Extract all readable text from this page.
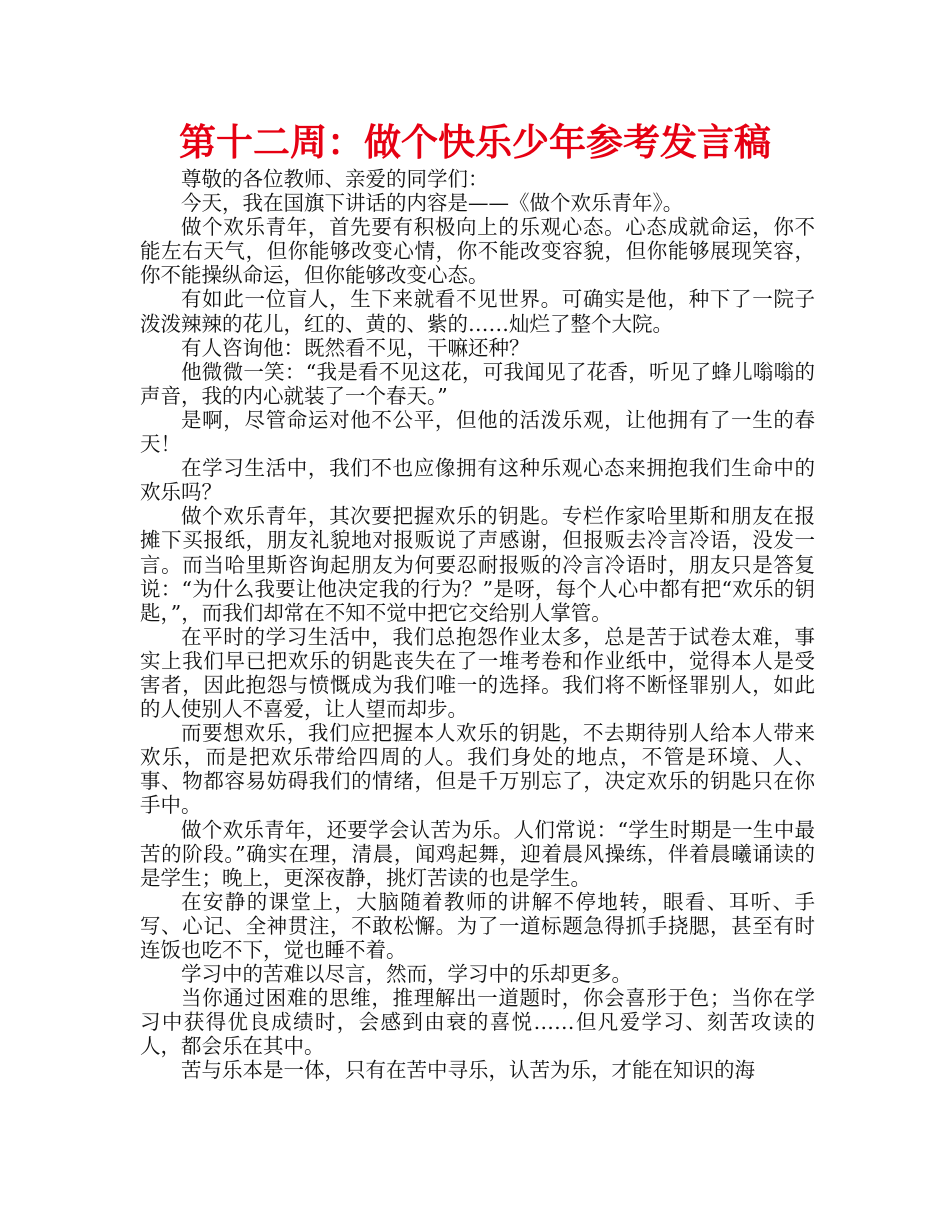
第十二周：做个快乐少年参考发言稿

尊敬的各位教师、亲爱的同学们：

今天，我在国旗下讲话的内容是——《做个欢乐青年》。

做个欢乐青年，首先要有积极向上的乐观心态。心态成就命运，你不能左右天气，但你能够改变心情，你不能改变容貌，但你能够展现笑容，你不能操纵命运，但你能够改变心态。

有如此一位盲人，生下来就看不见世界。可确实是他，种下了一院子泼泼辣辣的花儿，红的、黄的、紫的……灿烂了整个大院。

有人咨询他：既然看不见，干嘛还种？

他微微一笑：“我是看不见这花，可我闻见了花香，听见了蜂儿嗡嗡的声音，我的内心就装了一个春天。”

是啊，尽管命运对他不公平，但他的活泼乐观，让他拥有了一生的春天！

在学习生活中，我们不也应像拥有这种乐观心态来拥抱我们生命中的欢乐吗？

做个欢乐青年，其次要把握欢乐的钥匙。专栏作家哈里斯和朋友在报摊下买报纸，朋友礼貌地对报贩说了声感谢，但报贩去冷言冷语，没发一言。而当哈里斯咨询起朋友为何要忍耐报贩的冷言冷语时，朋友只是答复说：“为什么我要让他决定我的行为？”是呀，每个人心中都有把“欢乐的钥匙，”，而我们却常在不知不觉中把它交给别人掌管。

在平时的学习生活中，我们总抱怨作业太多，总是苦于试卷太难，事实上我们早已把欢乐的钥匙丧失在了一堆考卷和作业纸中，觉得本人是受害者，因此抱怨与愤慨成为我们唯一的选择。我们将不断怪罪别人，如此的人使别人不喜爱，让人望而却步。

而要想欢乐，我们应把握本人欢乐的钥匙，不去期待别人给本人带来欢乐，而是把欢乐带给四周的人。我们身处的地点，不管是环境、人、事、物都容易妨碍我们的情绪，但是千万别忘了，决定欢乐的钥匙只在你手中。

做个欢乐青年，还要学会认苦为乐。人们常说：“学生时期是一生中最苦的阶段。”确实在理，清晨，闻鸡起舞，迎着晨风操练，伴着晨曦诵读的是学生；晚上，更深夜静，挑灯苦读的也是学生。

在安静的课堂上，大脑随着教师的讲解不停地转，眼看、耳听、手写、心记、全神贯注，不敢松懈。为了一道标题急得抓手挠腮，甚至有时连饭也吃不下，觉也睡不着。

学习中的苦难以尽言，然而，学习中的乐却更多。

当你通过困难的思维，推理解出一道题时，你会喜形于色；当你在学习中获得优良成绩时，会感到由衰的喜悦……但凡爱学习、刻苦攻读的人，都会乐在其中。

苦与乐本是一体，只有在苦中寻乐，认苦为乐，才能在知识的海
